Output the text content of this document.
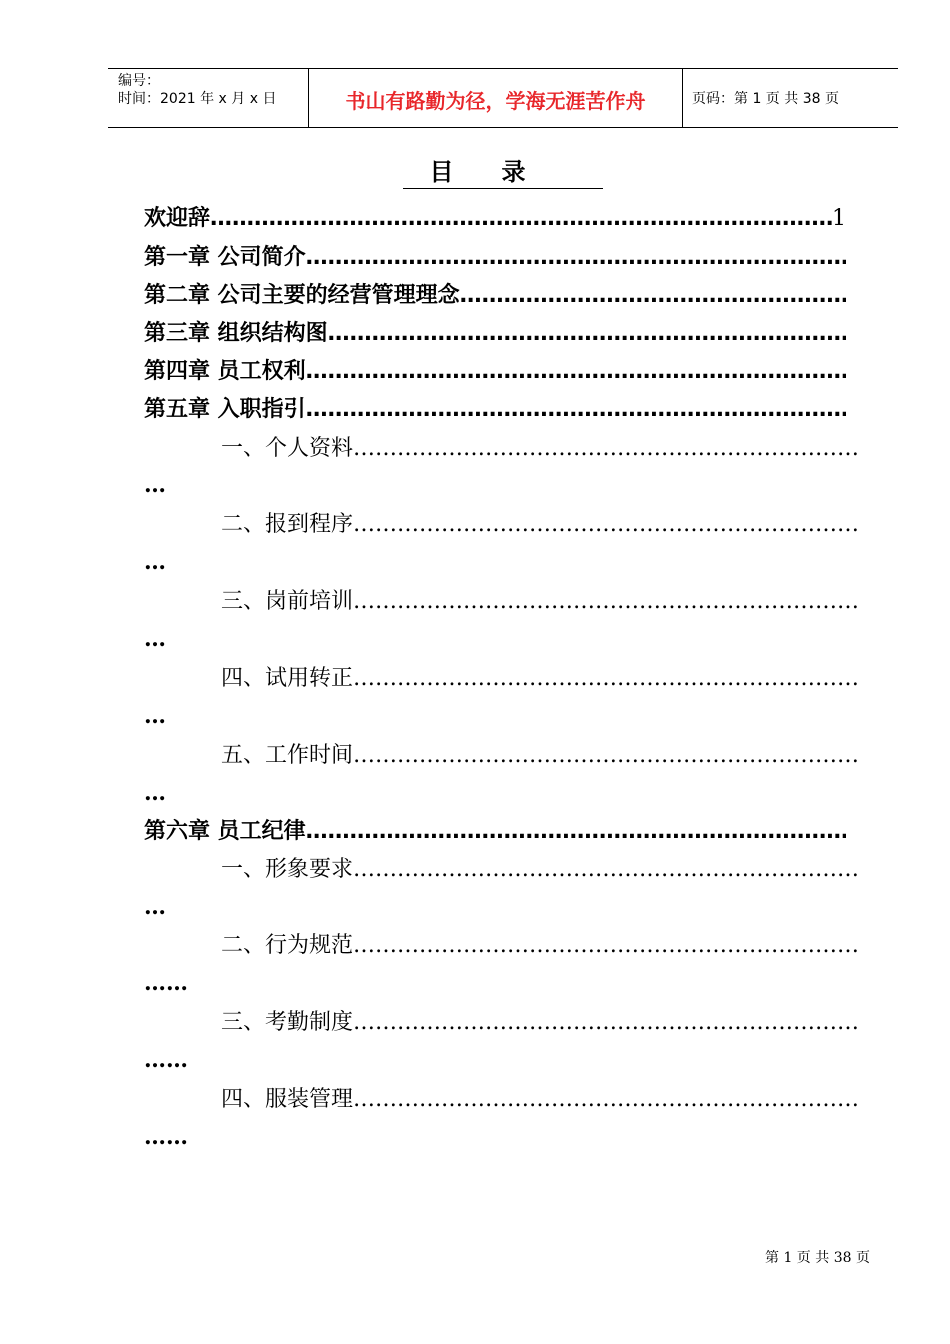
编号：
时间：2021 年 x 月 x 日	书山有路勤为径，学海无涯苦作舟	页码：第 1 页 共 38 页
目录
欢迎辞
…………………………………………………………………………………………………………………………	1
第一章 公司简介
…………………………………………………………………………………………………………………………
第二章 公司主要的经营管理理念
…………………………………………………………………………………………………………………………
第三章 组织结构图
…………………………………………………………………………………………………………………………
第四章 员工权利
…………………………………………………………………………………………………………………………
第五章 入职指引
…………………………………………………………………………………………………………………………
一、个人资料
…………………………………………………………………………………………………………………………
…
二、报到程序
…………………………………………………………………………………………………………………………
…
三、岗前培训
…………………………………………………………………………………………………………………………
…
四、试用转正
…………………………………………………………………………………………………………………………
…
五、工作时间
…………………………………………………………………………………………………………………………
…
第六章 员工纪律
…………………………………………………………………………………………………………………………
一、形象要求
…………………………………………………………………………………………………………………………
…
二、行为规范
…………………………………………………………………………………………………………………………
……
三、考勤制度
…………………………………………………………………………………………………………………………
……
四、服装管理
…………………………………………………………………………………………………………………………
……
第 1 页 共 38 页
